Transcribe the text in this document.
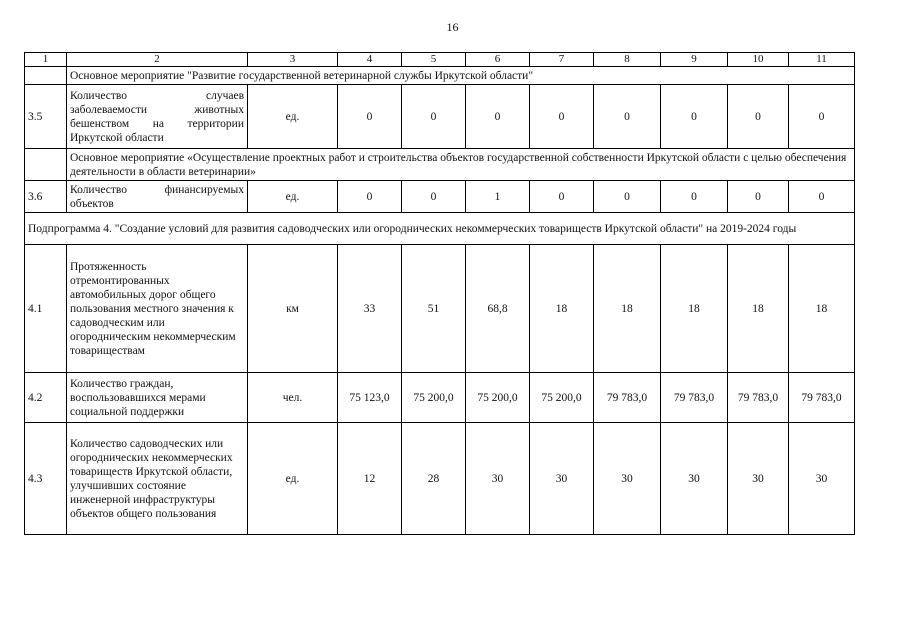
16
1	2	3	4	5	6	7	8	9	10	11
	Основное мероприятие "Развитие государственной ветеринарной службы Иркутской области"									
3.5	Количество случаев заболеваемости животных бешенством на территории Иркутской области	ед.	0	0	0	0	0	0	0	0
	Основное мероприятие «Осуществление проектных работ и строительства объектов государственной собственности Иркутской области с целью обеспечения деятельности в области ветеринарии»									
3.6	Количество финансируемых объектов	ед.	0	0	1	0	0	0	0	0
Подпрограмма 4. "Создание условий для развития садоводческих или огороднических некоммерческих товариществ Иркутской области" на 2019-2024 годы										
4.1	Протяженность отремонтированных автомобильных дорог общего пользования местного значения к садоводческим или огородническим некоммерческим товариществам	км	33	51	68,8	18	18	18	18	18
4.2	Количество граждан, воспользовавшихся мерами социальной поддержки	чел.	75 123,0	75 200,0	75 200,0	75 200,0	79 783,0	79 783,0	79 783,0	79 783,0
4.3	Количество садоводческих или огороднических некоммерческих товариществ Иркутской области, улучшивших состояние инженерной инфраструктуры объектов общего пользования	ед.	12	28	30	30	30	30	30	30
